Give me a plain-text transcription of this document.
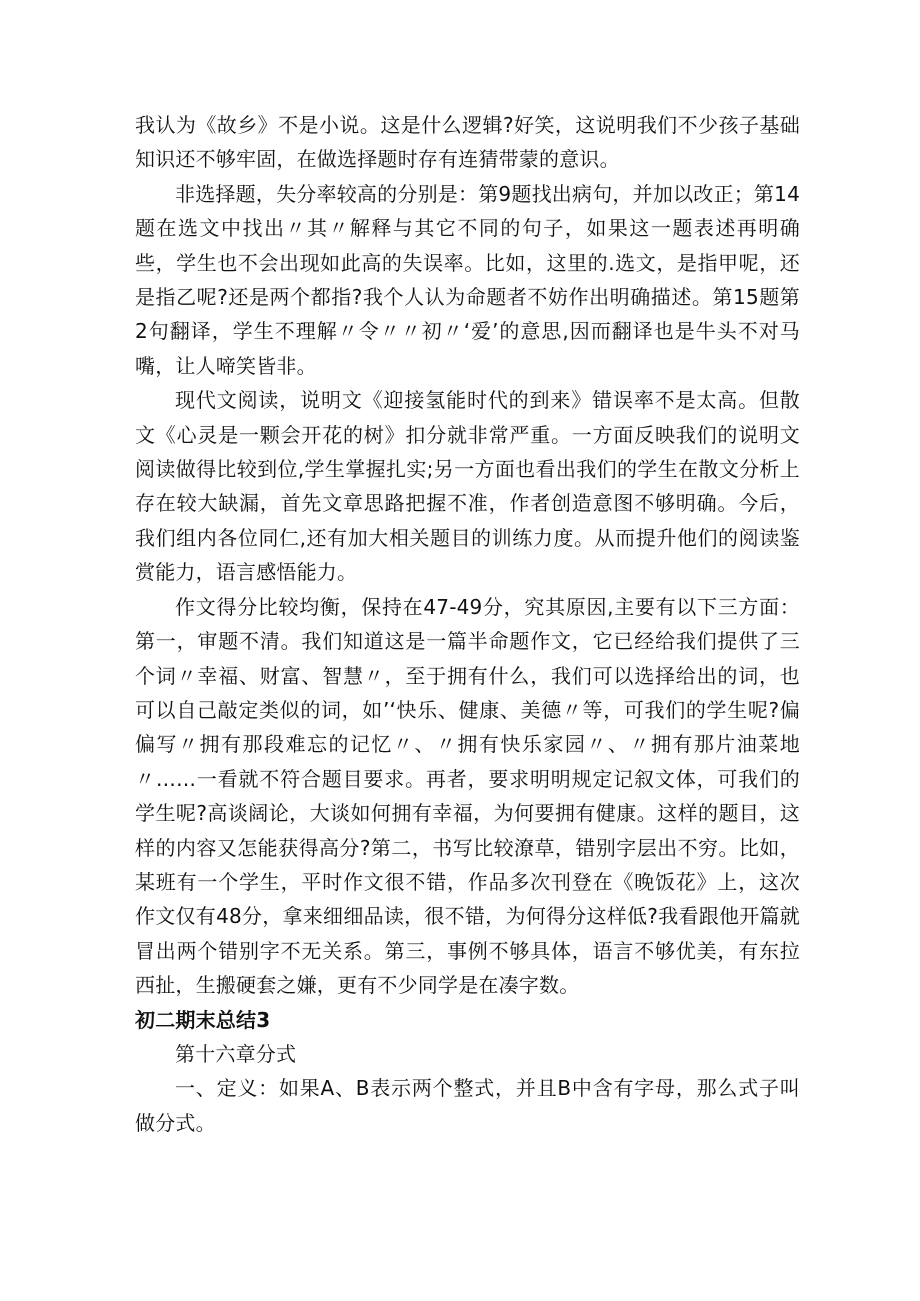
我认为《故乡》不是小说。这是什么逻辑?好笑，这说明我们不少孩子基础知识还不够牢固，在做选择题时存有连猜带蒙的意识。

非选择题，失分率较高的分别是：第9题找出病句，并加以改正；第14题在选文中找出〃其〃解释与其它不同的句子，如果这一题表述再明确些，学生也不会出现如此高的失误率。比如，这里的.选文，是指甲呢，还是指乙呢?还是两个都指?我个人认为命题者不妨作出明确描述。第15题第2句翻译，学生不理解〃令〃〃初〃‘爱’的意思,因而翻译也是牛头不对马嘴，让人啼笑皆非。

现代文阅读，说明文《迎接氢能时代的到来》错误率不是太高。但散文《心灵是一颗会开花的树》扣分就非常严重。一方面反映我们的说明文阅读做得比较到位,学生掌握扎实;另一方面也看出我们的学生在散文分析上存在较大缺漏，首先文章思路把握不准，作者创造意图不够明确。今后，我们组内各位同仁,还有加大相关题目的训练力度。从而提升他们的阅读鉴赏能力，语言感悟能力。

作文得分比较均衡，保持在47-49分，究其原因,主要有以下三方面：第一，审题不清。我们知道这是一篇半命题作文，它已经给我们提供了三个词〃幸福、财富、智慧〃，至于拥有什么，我们可以选择给出的词，也可以自己敲定类似的词，如’‘快乐、健康、美德〃等，可我们的学生呢?偏偏写〃拥有那段难忘的记忆〃、〃拥有快乐家园〃、〃拥有那片油菜地〃……一看就不符合题目要求。再者，要求明明规定记叙文体，可我们的学生呢?高谈阔论，大谈如何拥有幸福，为何要拥有健康。这样的题目，这样的内容又怎能获得高分?第二，书写比较潦草，错别字层出不穷。比如，某班有一个学生，平时作文很不错，作品多次刊登在《晚饭花》上，这次作文仅有48分，拿来细细品读，很不错，为何得分这样低?我看跟他开篇就冒出两个错别字不无关系。第三，事例不够具体，语言不够优美，有东拉西扯，生搬硬套之嫌，更有不少同学是在凑字数。

初二期末总结3

第十六章分式

一、定义：如果A、B表示两个整式，并且B中含有字母，那么式子叫做分式。
